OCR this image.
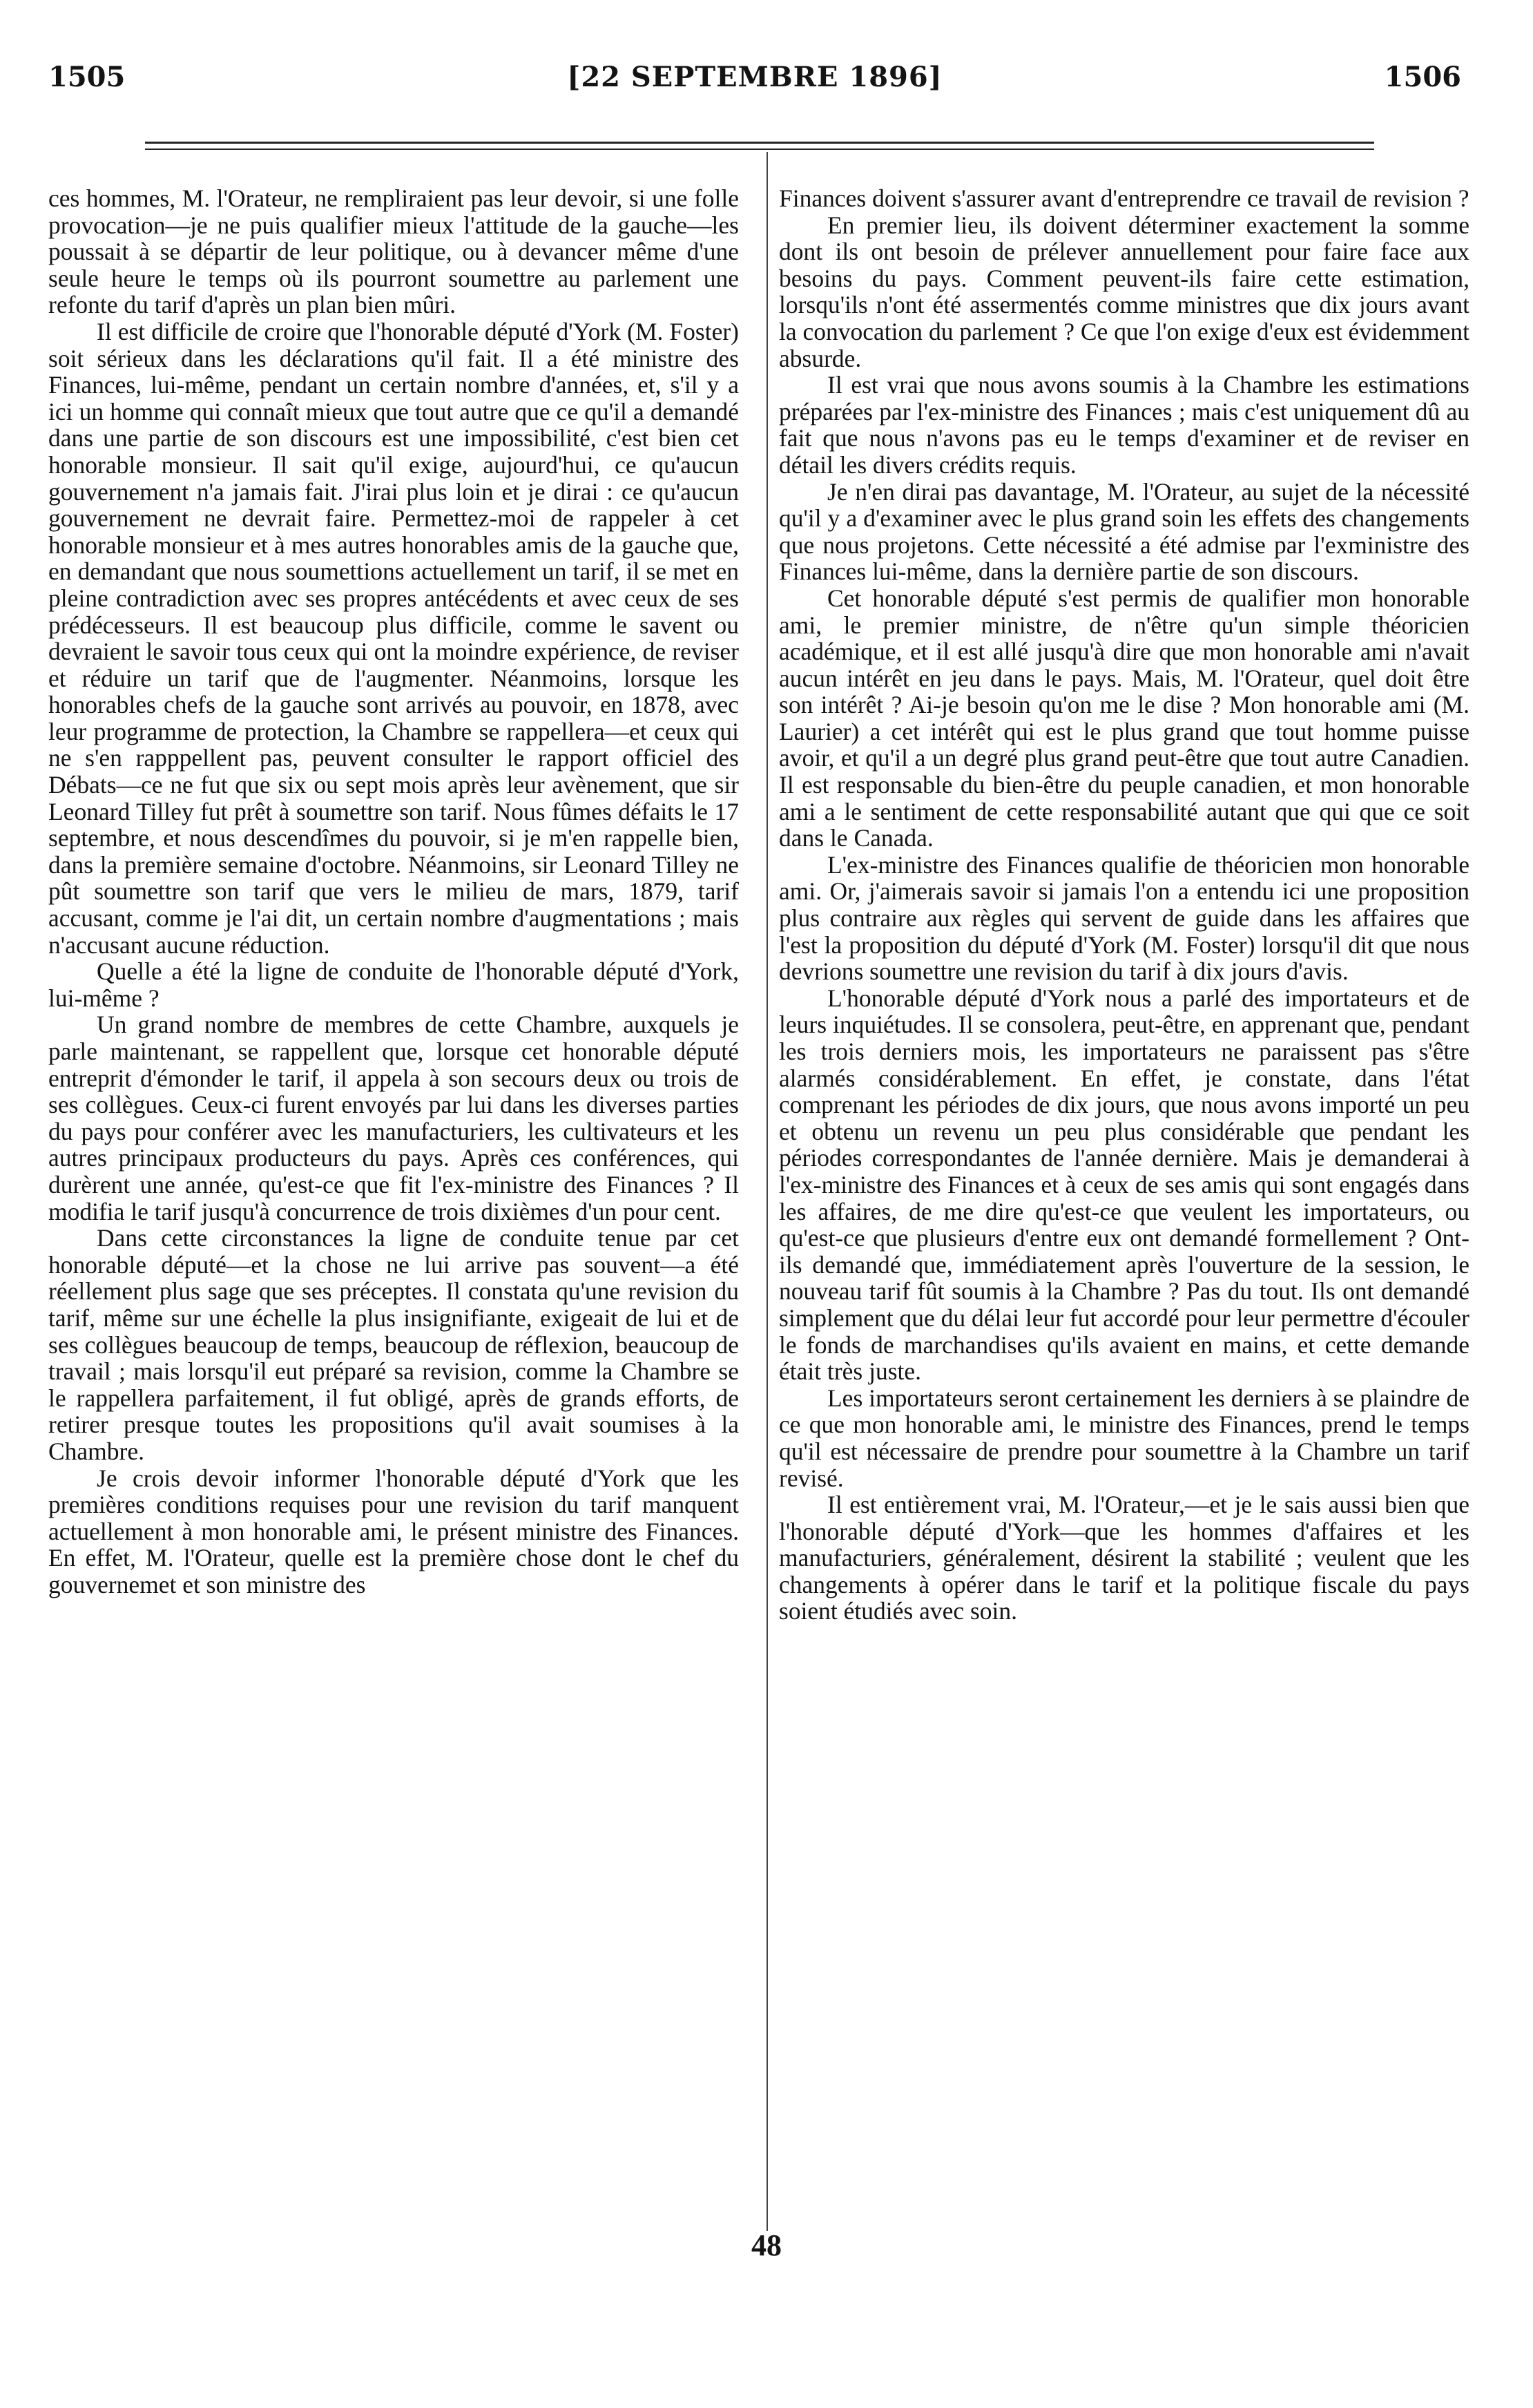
1505	[22 SEPTEMBRE 1896]	1506

ces hommes, M. l'Orateur, ne rempliraient pas leur devoir, si une folle provocation—je ne puis qualifier mieux l'attitude de la gauche—les poussait à se départir de leur politique, ou à devancer même d'une seule heure le temps où ils pourront soumettre au parlement une refonte du tarif d'après un plan bien mûri.

Il est difficile de croire que l'honorable député d'York (M. Foster) soit sérieux dans les déclarations qu'il fait. Il a été ministre des Finances, lui-même, pendant un certain nombre d'années, et, s'il y a ici un homme qui connaît mieux que tout autre que ce qu'il a demandé dans une partie de son discours est une impossibilité, c'est bien cet honorable monsieur. Il sait qu'il exige, aujourd'hui, ce qu'aucun gouvernement n'a jamais fait. J'irai plus loin et je dirai : ce qu'aucun gouvernement ne devrait faire. Permettez-moi de rappeler à cet honorable monsieur et à mes autres honorables amis de la gauche que, en demandant que nous soumettions actuellement un tarif, il se met en pleine contradiction avec ses propres antécédents et avec ceux de ses prédécesseurs. Il est beaucoup plus difficile, comme le savent ou devraient le savoir tous ceux qui ont la moindre expérience, de reviser et réduire un tarif que de l'augmenter. Néanmoins, lorsque les honorables chefs de la gauche sont arrivés au pouvoir, en 1878, avec leur programme de protection, la Chambre se rappellera—et ceux qui ne s'en rapppellent pas, peuvent consulter le rapport officiel des Débats—ce ne fut que six ou sept mois après leur avènement, que sir Leonard Tilley fut prêt à soumettre son tarif. Nous fûmes défaits le 17 septembre, et nous descendîmes du pouvoir, si je m'en rappelle bien, dans la première semaine d'octobre. Néanmoins, sir Leonard Tilley ne pût soumettre son tarif que vers le milieu de mars, 1879, tarif accusant, comme je l'ai dit, un certain nombre d'augmentations ; mais n'accusant aucune réduction.

Quelle a été la ligne de conduite de l'honorable député d'York, lui-même ?

Un grand nombre de membres de cette Chambre, auxquels je parle maintenant, se rappellent que, lorsque cet honorable député entreprit d'émonder le tarif, il appela à son secours deux ou trois de ses collègues. Ceux-ci furent envoyés par lui dans les diverses parties du pays pour conférer avec les manufacturiers, les cultivateurs et les autres principaux producteurs du pays. Après ces conférences, qui durèrent une année, qu'est-ce que fit l'ex-ministre des Finances ? Il modifia le tarif jusqu'à concurrence de trois dixièmes d'un pour cent.

Dans cette circonstances la ligne de conduite tenue par cet honorable député—et la chose ne lui arrive pas souvent—a été réellement plus sage que ses préceptes. Il constata qu'une revision du tarif, même sur une échelle la plus insignifiante, exigeait de lui et de ses collègues beaucoup de temps, beaucoup de réflexion, beaucoup de travail ; mais lorsqu'il eut préparé sa revision, comme la Chambre se le rappellera parfaitement, il fut obligé, après de grands efforts, de retirer presque toutes les propositions qu'il avait soumises à la Chambre.

Je crois devoir informer l'honorable député d'York que les premières conditions requises pour une revision du tarif manquent actuellement à mon honorable ami, le présent ministre des Finances. En effet, M. l'Orateur, quelle est la première chose dont le chef du gouvernemet et son ministre des

Finances doivent s'assurer avant d'entreprendre ce travail de revision ?

En premier lieu, ils doivent déterminer exactement la somme dont ils ont besoin de prélever annuellement pour faire face aux besoins du pays. Comment peuvent-ils faire cette estimation, lorsqu'ils n'ont été assermentés comme ministres que dix jours avant la convocation du parlement ? Ce que l'on exige d'eux est évidemment absurde.

Il est vrai que nous avons soumis à la Chambre les estimations préparées par l'ex-ministre des Finances ; mais c'est uniquement dû au fait que nous n'avons pas eu le temps d'examiner et de reviser en détail les divers crédits requis.

Je n'en dirai pas davantage, M. l'Orateur, au sujet de la nécessité qu'il y a d'examiner avec le plus grand soin les effets des changements que nous projetons. Cette nécessité a été admise par l'exministre des Finances lui-même, dans la dernière partie de son discours.

Cet honorable député s'est permis de qualifier mon honorable ami, le premier ministre, de n'être qu'un simple théoricien académique, et il est allé jusqu'à dire que mon honorable ami n'avait aucun intérêt en jeu dans le pays. Mais, M. l'Orateur, quel doit être son intérêt ? Ai-je besoin qu'on me le dise ? Mon honorable ami (M. Laurier) a cet intérêt qui est le plus grand que tout homme puisse avoir, et qu'il a un degré plus grand peut-être que tout autre Canadien. Il est responsable du bien-être du peuple canadien, et mon honorable ami a le sentiment de cette responsabilité autant que qui que ce soit dans le Canada.

L'ex-ministre des Finances qualifie de théoricien mon honorable ami. Or, j'aimerais savoir si jamais l'on a entendu ici une proposition plus contraire aux règles qui servent de guide dans les affaires que l'est la proposition du député d'York (M. Foster) lorsqu'il dit que nous devrions soumettre une revision du tarif à dix jours d'avis.

L'honorable député d'York nous a parlé des importateurs et de leurs inquiétudes. Il se consolera, peut-être, en apprenant que, pendant les trois derniers mois, les importateurs ne paraissent pas s'être alarmés considérablement. En effet, je constate, dans l'état comprenant les périodes de dix jours, que nous avons importé un peu et obtenu un revenu un peu plus considérable que pendant les périodes correspondantes de l'année dernière. Mais je demanderai à l'ex-ministre des Finances et à ceux de ses amis qui sont engagés dans les affaires, de me dire qu'est-ce que veulent les importateurs, ou qu'est-ce que plusieurs d'entre eux ont demandé formellement ? Ont-ils demandé que, immédiatement après l'ouverture de la session, le nouveau tarif fût soumis à la Chambre ? Pas du tout. Ils ont demandé simplement que du délai leur fut accordé pour leur permettre d'écouler le fonds de marchandises qu'ils avaient en mains, et cette demande était très juste.

Les importateurs seront certainement les derniers à se plaindre de ce que mon honorable ami, le ministre des Finances, prend le temps qu'il est nécessaire de prendre pour soumettre à la Chambre un tarif revisé.

Il est entièrement vrai, M. l'Orateur,—et je le sais aussi bien que l'honorable député d'York—que les hommes d'affaires et les manufacturiers, généralement, désirent la stabilité ; veulent que les changements à opérer dans le tarif et la politique fiscale du pays soient étudiés avec soin.

48
